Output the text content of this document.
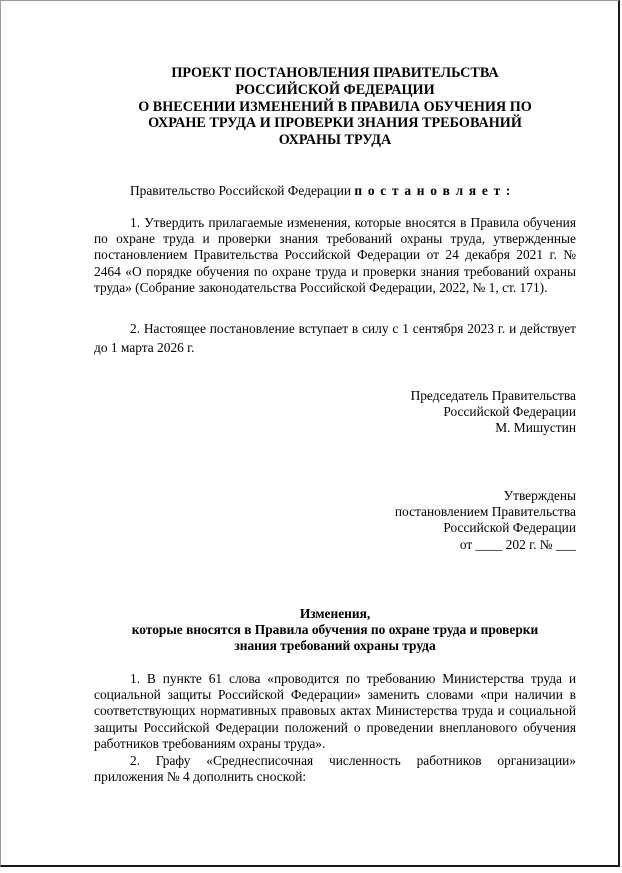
ПРОЕКТ ПОСТАНОВЛЕНИЯ ПРАВИТЕЛЬСТВА
РОССИЙСКОЙ ФЕДЕРАЦИИ
О ВНЕСЕНИИ ИЗМЕНЕНИЙ В ПРАВИЛА ОБУЧЕНИЯ ПО
ОХРАНЕ ТРУДА И ПРОВЕРКИ ЗНАНИЯ ТРЕБОВАНИЙ
ОХРАНЫ ТРУДА
Правительство Российской Федерации п о с т а н о в л я е т :
1. Утвердить прилагаемые изменения, которые вносятся в Правила обучения по охране труда и проверки знания требований охраны труда, утвержденные постановлением Правительства Российской Федерации от 24 декабря 2021 г. № 2464 «О порядке обучения по охране труда и проверки знания требований охраны труда» (Собрание законодательства Российской Федерации, 2022, № 1, ст. 171).
2. Настоящее постановление вступает в силу с 1 сентября 2023 г. и действует до 1 марта 2026 г.
Председатель Правительства
Российской Федерации
М. Мишустин
Утверждены
постановлением Правительства
Российской Федерации
от ____ 202 г. № ___
Изменения,
которые вносятся в Правила обучения по охране труда и проверки
знания требований охраны труда
1. В пункте 61 слова «проводится по требованию Министерства труда и социальной защиты Российской Федерации» заменить словами «при наличии в соответствующих нормативных правовых актах Министерства труда и социальной защиты Российской Федерации положений о проведении внепланового обучения работников требованиям охраны труда».
2. Графу «Среднесписочная численность работников организации» приложения № 4 дополнить сноской:
